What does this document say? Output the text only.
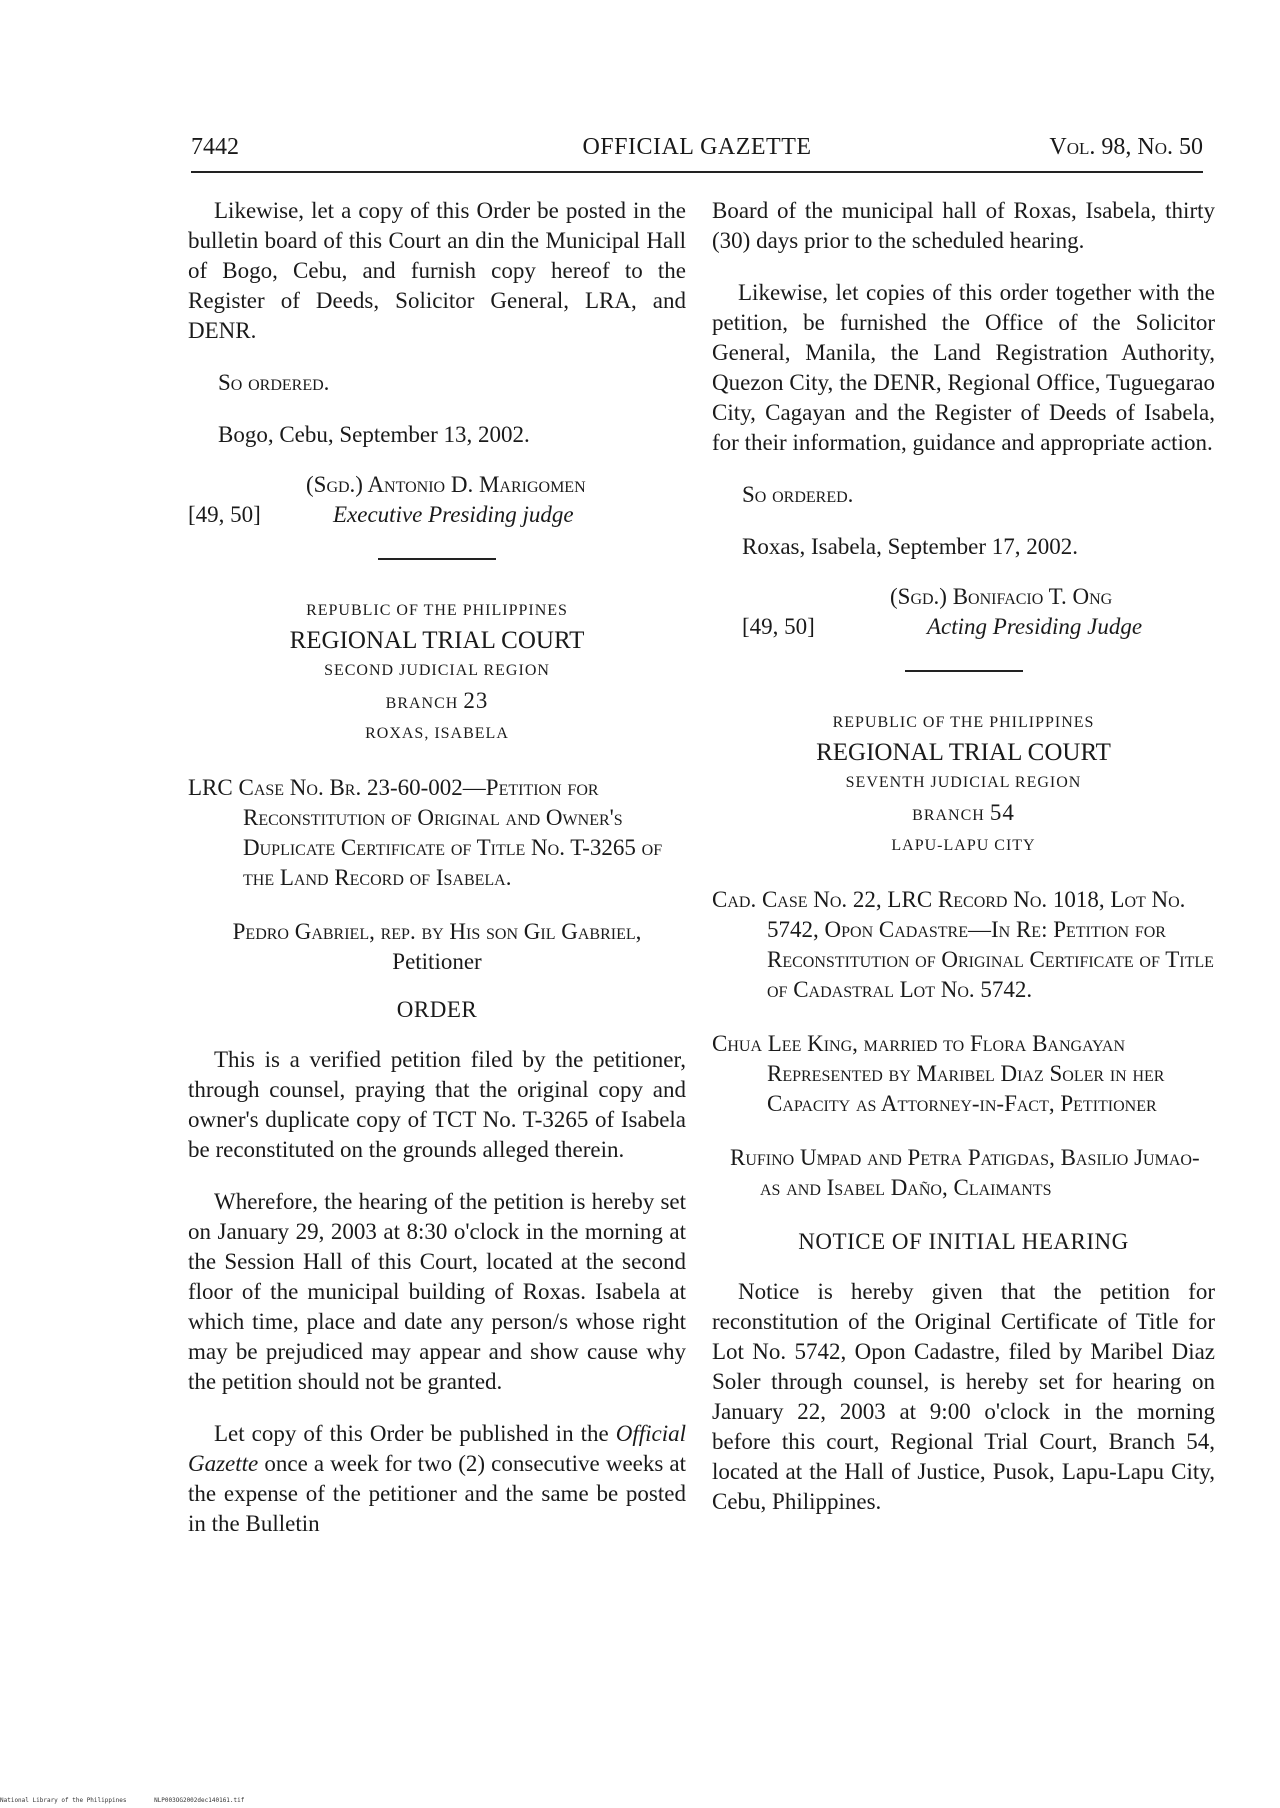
7442	OFFICIAL GAZETTE	Vol. 98, No. 50

Likewise, let a copy of this Order be posted in the bulletin board of this Court an din the Municipal Hall of Bogo, Cebu, and furnish copy hereof to the Register of Deeds, Solicitor General, LRA, and DENR.

So ordered.

Bogo, Cebu, September 13, 2002.

(Sgd.) Antonio D. Marigomen

[49, 50]	Executive Presiding judge
REPUBLIC OF THE PHILIPPINES
REGIONAL TRIAL COURT
SECOND JUDICIAL REGION
BRANCH 23
ROXAS, ISABELA

LRC Case No. Br. 23-60-002—Petition for Reconstitution of Original and Owner's Duplicate Certificate of Title No. T-3265 of the Land Record of Isabela.

Pedro Gabriel, rep. by His son Gil Gabriel,
Petitioner

ORDER

This is a verified petition filed by the petitioner, through counsel, praying that the original copy and owner's duplicate copy of TCT No. T-3265 of Isabela be reconstituted on the grounds alleged therein.

Wherefore, the hearing of the petition is hereby set on January 29, 2003 at 8:30 o'clock in the morning at the Session Hall of this Court, located at the second floor of the municipal building of Roxas. Isabela at which time, place and date any person/s whose right may be prejudiced may appear and show cause why the petition should not be granted.

Let copy of this Order be published in the Official Gazette once a week for two (2) consecutive weeks at the expense of the petitioner and the same be posted in the Bulletin

Board of the municipal hall of Roxas, Isabela, thirty (30) days prior to the scheduled hearing.

Likewise, let copies of this order together with the petition, be furnished the Office of the Solicitor General, Manila, the Land Registration Authority, Quezon City, the DENR, Regional Office, Tuguegarao City, Cagayan and the Register of Deeds of Isabela, for their information, guidance and appropriate action.

So ordered.

Roxas, Isabela, September 17, 2002.

(Sgd.) Bonifacio T. Ong

[49, 50]	Acting Presiding Judge
REPUBLIC OF THE PHILIPPINES
REGIONAL TRIAL COURT
SEVENTH JUDICIAL REGION
BRANCH 54
LAPU-LAPU CITY

Cad. Case No. 22, LRC Record No. 1018, Lot No. 5742, Opon Cadastre—In Re: Petition for Reconstitution of Original Certificate of Title of Cadastral Lot No. 5742.

Chua Lee King, married to Flora Bangayan Represented by Maribel Diaz Soler in her Capacity as Attorney-in-Fact, Petitioner

Rufino Umpad and Petra Patigdas, Basilio Jumao-as and Isabel Daño, Claimants

NOTICE OF INITIAL HEARING

Notice is hereby given that the petition for reconstitution of the Original Certificate of Title for Lot No. 5742, Opon Cadastre, filed by Maribel Diaz Soler through counsel, is hereby set for hearing on January 22, 2003 at 9:00 o'clock in the morning before this court, Regional Trial Court, Branch 54, located at the Hall of Justice, Pusok, Lapu-Lapu City, Cebu, Philippines.

National Library of the Philippines	NLP003OG2002dec140161.tif
